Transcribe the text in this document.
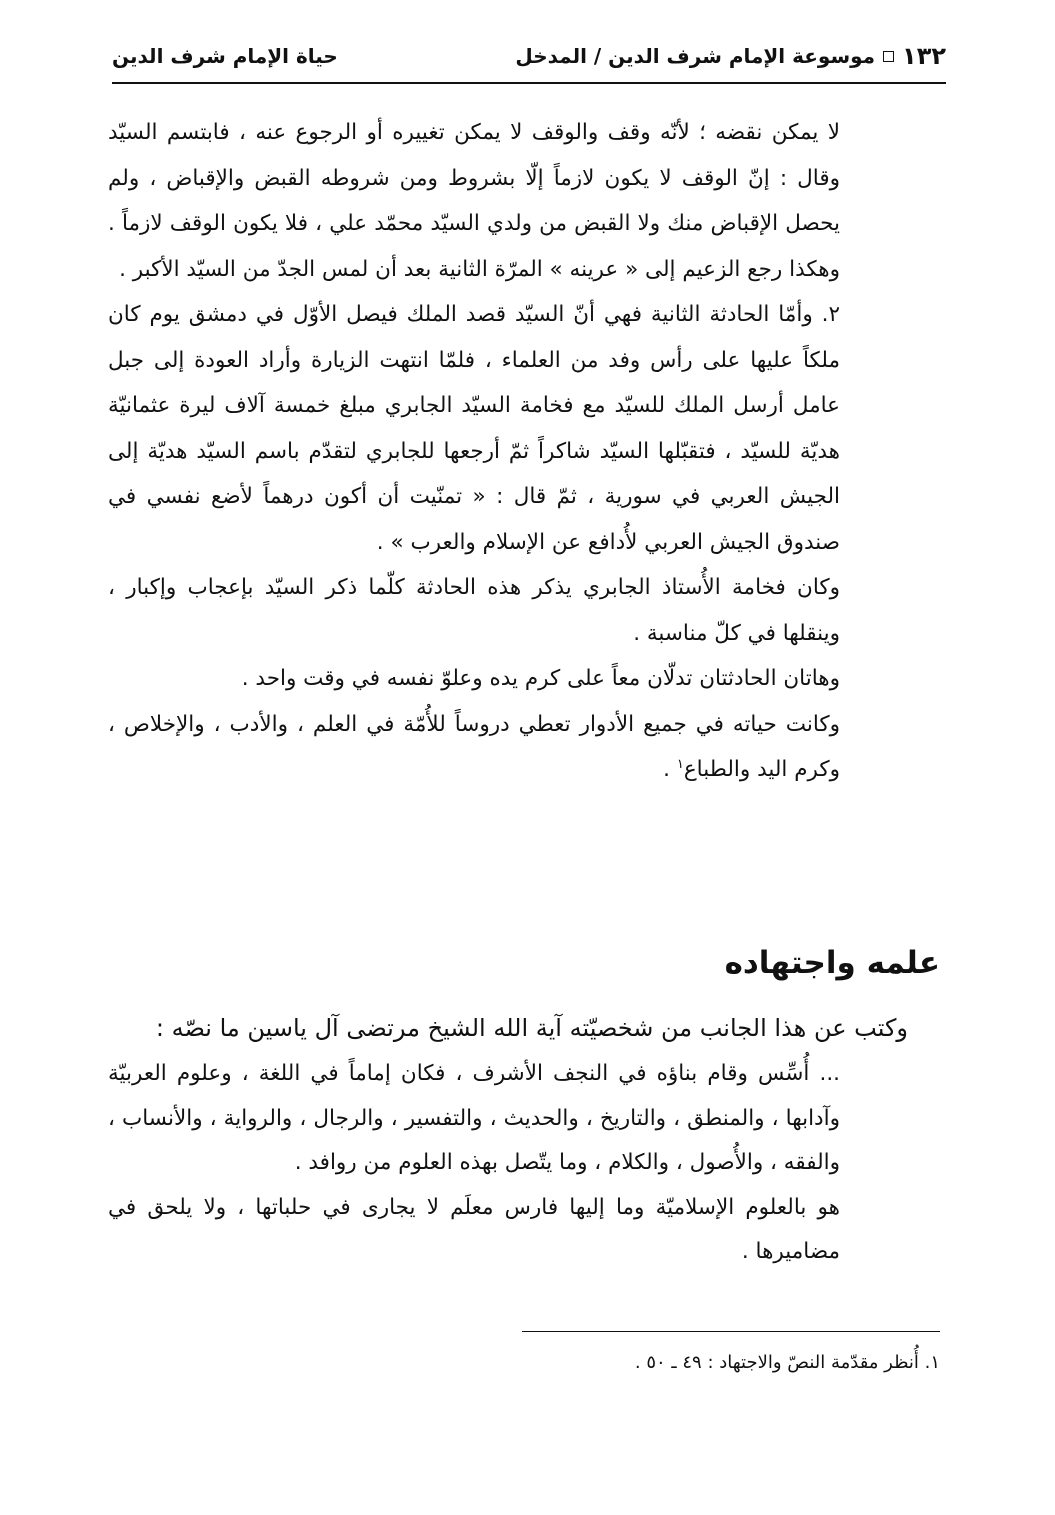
١٣٢
موسوعة الإمام شرف الدين / المدخل
حياة الإمام شرف الدين

لا يمكن نقضه ؛ لأنّه وقف والوقف لا يمكن تغييره أو الرجوع عنه ، فابتسم السيّد وقال : إنّ الوقف لا يكون لازماً إلّا بشروط ومن شروطه القبض والإقباض ، ولم يحصل الإقباض منك ولا القبض من ولدي السيّد محمّد علي ، فلا يكون الوقف لازماً . وهكذا رجع الزعيم إلى « عرينه » المرّة الثانية بعد أن لمس الجدّ من السيّد الأكبر .

٢. وأمّا الحادثة الثانية فهي أنّ السيّد قصد الملك فيصل الأوّل في دمشق يوم كان ملكاً عليها على رأس وفد من العلماء ، فلمّا انتهت الزيارة وأراد العودة إلى جبل عامل أرسل الملك للسيّد مع فخامة السيّد الجابري مبلغ خمسة آلاف ليرة عثمانيّة هديّة للسيّد ، فتقبّلها السيّد شاكراً ثمّ أرجعها للجابري لتقدّم باسم السيّد هديّة إلى الجيش العربي في سورية ، ثمّ قال : « تمنّيت أن أكون درهماً لأضع نفسي في صندوق الجيش العربي لأُدافع عن الإسلام والعرب » .

وكان فخامة الأُستاذ الجابري يذكر هذه الحادثة كلّما ذكر السيّد بإعجاب وإكبار ، وينقلها في كلّ مناسبة .

وهاتان الحادثتان تدلّان معاً على كرم يده وعلوّ نفسه في وقت واحد .

وكانت حياته في جميع الأدوار تعطي دروساً للأُمّة في العلم ، والأدب ، والإخلاص ، وكرم اليد والطباع$^١$ .

علمه واجتهاده
وكتب عن هذا الجانب من شخصيّته آية الله الشيخ مرتضى آل ياسين ما نصّه :

... أُسِّس وقام بناؤه في النجف الأشرف ، فكان إماماً في اللغة ، وعلوم العربيّة وآدابها ، والمنطق ، والتاريخ ، والحديث ، والتفسير ، والرجال ، والرواية ، والأنساب ، والفقه ، والأُصول ، والكلام ، وما يتّصل بهذه العلوم من روافد .

هو بالعلوم الإسلاميّة وما إليها فارس معلَم لا يجارى في حلباتها ، ولا يلحق في مضاميرها .

١. أُنظر مقدّمة النصّ والاجتهاد : ٤٩ ـ ٥٠ .
